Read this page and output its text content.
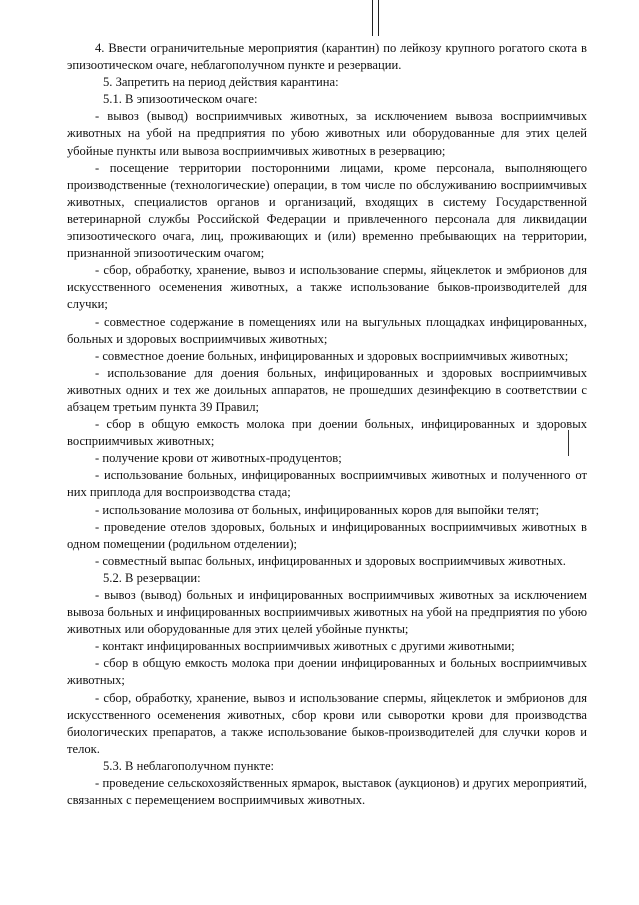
4. Ввести ограничительные мероприятия (карантин) по лейкозу крупного рогатого скота в эпизоотическом очаге, неблагополучном пункте и резервации.

5. Запретить на период действия карантина:

5.1. В эпизоотическом очаге:

- вывоз (вывод) восприимчивых животных, за исключением вывоза восприимчивых животных на убой на предприятия по убою животных или оборудованные для этих целей убойные пункты или вывоза восприимчивых животных в резервацию;

- посещение территории посторонними лицами, кроме персонала, выполняющего производственные (технологические) операции, в том числе по обслуживанию восприимчивых животных, специалистов органов и организаций, входящих в систему Государственной ветеринарной службы Российской Федерации и привлеченного персонала для ликвидации эпизоотического очага, лиц, проживающих и (или) временно пребывающих на территории, признанной эпизоотическим очагом;

- сбор, обработку, хранение, вывоз и использование спермы, яйцеклеток и эмбрионов для искусственного осеменения животных, а также использование быков-производителей для случки;

- совместное содержание в помещениях или на выгульных площадках инфицированных, больных и здоровых восприимчивых животных;

- совместное доение больных, инфицированных и здоровых восприимчивых животных;

- использование для доения больных, инфицированных и здоровых восприимчивых животных одних и тех же доильных аппаратов, не прошедших дезинфекцию в соответствии с абзацем третьим пункта 39 Правил;

- сбор в общую емкость молока при доении больных, инфицированных и здоровых восприимчивых животных;

- получение крови от животных-продуцентов;

- использование больных, инфицированных восприимчивых животных и полученного от них приплода для воспроизводства стада;

- использование молозива от больных, инфицированных коров для выпойки телят;

- проведение отелов здоровых, больных и инфицированных восприимчивых животных в одном помещении (родильном отделении);

- совместный выпас больных, инфицированных и здоровых восприимчивых животных.

5.2. В резервации:

- вывоз (вывод) больных и инфицированных восприимчивых животных за исключением вывоза больных и инфицированных восприимчивых животных на убой на предприятия по убою животных или оборудованные для этих целей убойные пункты;

- контакт инфицированных восприимчивых животных с другими животными;

- сбор в общую емкость молока при доении инфицированных и больных восприимчивых животных;

- сбор, обработку, хранение, вывоз и использование спермы, яйцеклеток и эмбрионов для искусственного осеменения животных, сбор крови или сыворотки крови для производства биологических препаратов, а также использование быков-производителей для случки коров и телок.

5.3. В неблагополучном пункте:

- проведение сельскохозяйственных ярмарок, выставок (аукционов) и других мероприятий, связанных с перемещением восприимчивых животных.
